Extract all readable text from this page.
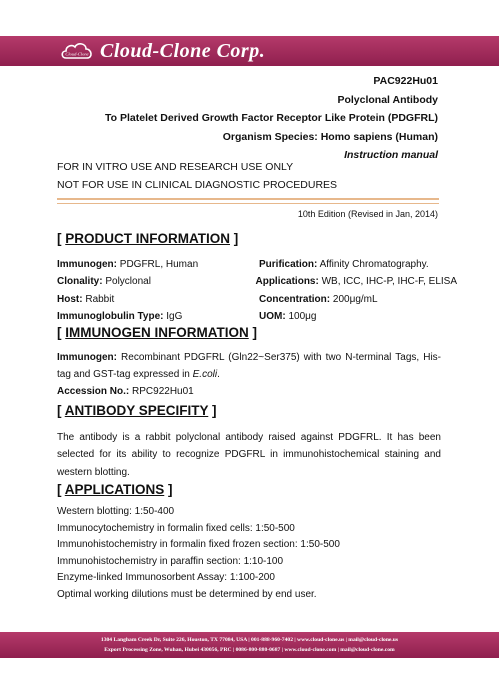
Cloud-Clone Cloud-Clone Corp.
PAC922Hu01
Polyclonal Antibody
To Platelet Derived Growth Factor Receptor Like Protein (PDGFRL)
Organism Species: Homo sapiens (Human)
Instruction manual
FOR IN VITRO USE AND RESEARCH USE ONLY
NOT FOR USE IN CLINICAL DIAGNOSTIC PROCEDURES
10th Edition (Revised in Jan, 2014)
[ PRODUCT INFORMATION ]
Immunogen: PDGFRL, Human	Purification: Affinity Chromatography.
Clonality: Polyclonal	Applications: WB, ICC, IHC-P, IHC-F, ELISA
Host: Rabbit	Concentration: 200μg/mL
Immunoglobulin Type: IgG	UOM: 100μg
[ IMMUNOGEN INFORMATION ]
Immunogen: Recombinant PDGFRL (Gln22~Ser375) with two N-terminal Tags, His-tag and GST-tag expressed in E.coli.
Accession No.: RPC922Hu01
[ ANTIBODY SPECIFITY ]
The antibody is a rabbit polyclonal antibody raised against PDGFRL. It has been selected for its ability to recognize PDGFRL in immunohistochemical staining and western blotting.
[ APPLICATIONS ]
Western blotting: 1:50-400
Immunocytochemistry in formalin fixed cells: 1:50-500
Immunohistochemistry in formalin fixed frozen section: 1:50-500
Immunohistochemistry in paraffin section: 1:10-100
Enzyme-linked Immunosorbent Assay: 1:100-200
Optimal working dilutions must be determined by end user.
1304 Langham Creek Dr, Suite 226, Houston, TX 77084, USA | 001-888-960-7402 | www.cloud-clone.us | mail@cloud-clone.us
Export Processing Zone, Wuhan, Hubei 430056, PRC | 0086-800-880-0687 | www.cloud-clone.com | mail@cloud-clone.com
